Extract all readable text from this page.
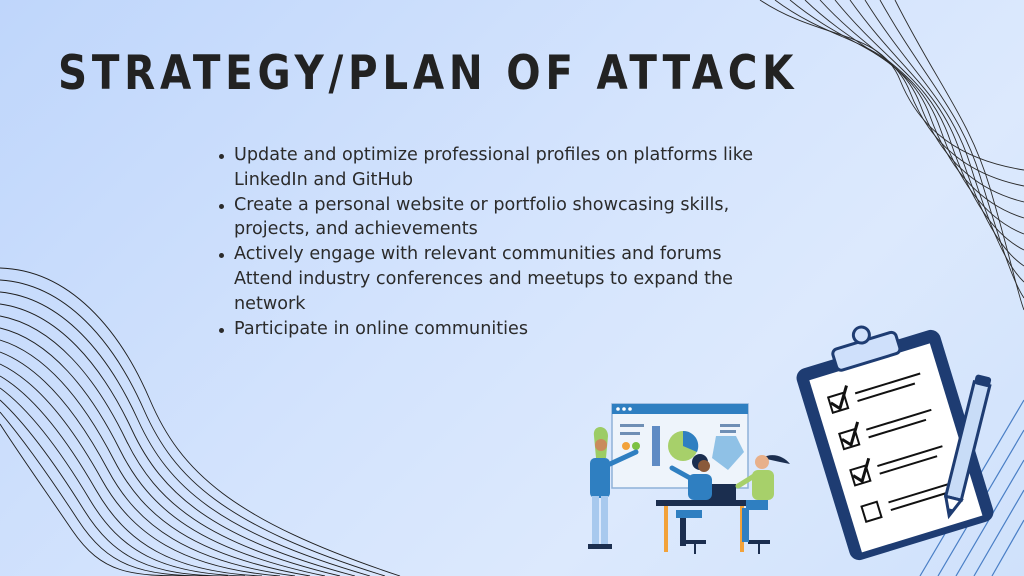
STRATEGY/PLAN OF ATTACK
Update and optimize professional profiles on platforms like LinkedIn and GitHub
Create a personal website or portfolio showcasing skills, projects, and achievements
Actively engage with relevant communities and forums
Attend industry conferences and meetups to expand the network
Participate in online communities
